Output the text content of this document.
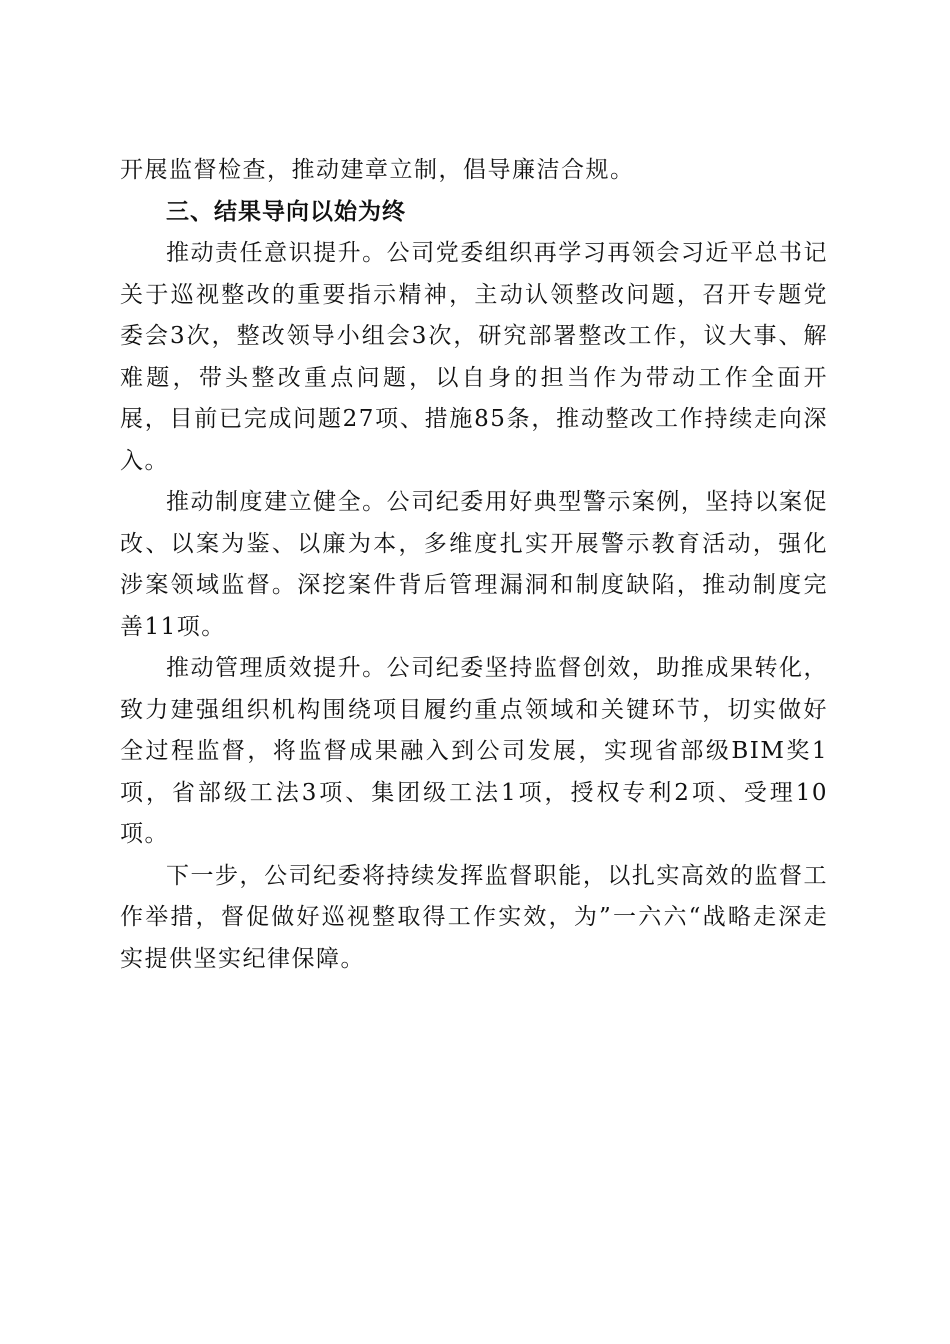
开展监督检查，推动建章立制，倡导廉洁合规。

三、结果导向以始为终

推动责任意识提升。公司党委组织再学习再领会习近平总书记关于巡视整改的重要指示精神，主动认领整改问题，召开专题党委会3次，整改领导小组会3次，研究部署整改工作，议大事、解难题，带头整改重点问题，以自身的担当作为带动工作全面开展，目前已完成问题27项、措施85条，推动整改工作持续走向深入。

推动制度建立健全。公司纪委用好典型警示案例，坚持以案促改、以案为鉴、以廉为本，多维度扎实开展警示教育活动，强化涉案领域监督。深挖案件背后管理漏洞和制度缺陷，推动制度完善11项。

推动管理质效提升。公司纪委坚持监督创效，助推成果转化，致力建强组织机构围绕项目履约重点领域和关键环节，切实做好全过程监督，将监督成果融入到公司发展，实现省部级BIM奖1项，省部级工法3项、集团级工法1项，授权专利2项、受理10项。

下一步，公司纪委将持续发挥监督职能，以扎实高效的监督工作举措，督促做好巡视整取得工作实效，为”一六六“战略走深走实提供坚实纪律保障。
